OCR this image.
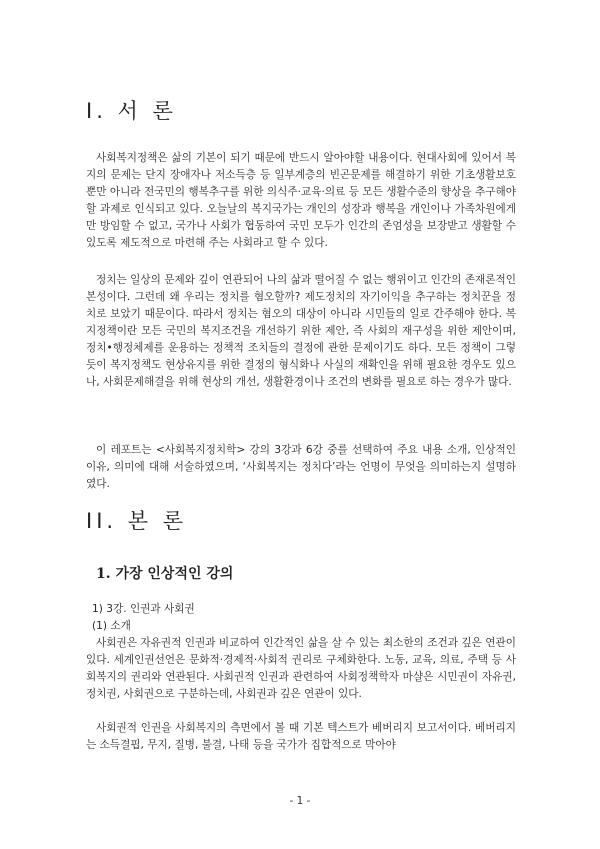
I. 서 론

사회복지정책은 삶의 기본이 되기 때문에 반드시 알아야할 내용이다. 현대사회에 있어서 복지의 문제는 단지 장애자나 저소득층 등 일부계층의 빈곤문제를 해결하기 위한 기초생활보호뿐만 아니라 전국민의 행복추구를 위한 의식주·교육·의료 등 모든 생활수준의 향상을 추구해야 할 과제로 인식되고 있다. 오늘날의 복지국가는 개인의 성장과 행복을 개인이나 가족차원에게만 방임할 수 없고, 국가나 사회가 협동하여 국민 모두가 인간의 존엄성을 보장받고 생활할 수 있도록 제도적으로 마련해 주는 사회라고 할 수 있다.

정치는 일상의 문제와 깊이 연관되어 나의 삶과 떨어질 수 없는 행위이고 인간의 존재론적인 본성이다. 그런데 왜 우리는 정치를 혐오할까? 제도정치의 자기이익을 추구하는 정치꾼을 정치로 보았기 때문이다. 따라서 정치는 혐오의 대상이 아니라 시민들의 일로 간주해야 한다. 복지정책이란 모든 국민의 복지조건을 개선하기 위한 제안, 즉 사회의 재구성을 위한 제안이며, 정치•행정체제를 운용하는 정책적 조치들의 결정에 관한 문제이기도 하다. 모든 정책이 그렇듯이 복지정책도 현상유지를 위한 결정의 형식화나 사실의 재확인을 위해 필요한 경우도 있으나, 사회문제해결을 위해 현상의 개선, 생활환경이나 조건의 변화를 필요로 하는 경우가 많다.

이 레포트는 <사회복지정치학> 강의 3강과 6강 중를 선택하여 주요 내용 소개, 인상적인 이유, 의미에 대해 서술하였으며, ‘사회복지는 정치다’라는 언명이 무엇을 의미하는지 설명하였다.

II. 본 론
1. 가장 인상적인 강의

1) 3강. 인권과 사회권

(1) 소개

사회권은 자유권적 인권과 비교하여 인간적인 삶을 살 수 있는 최소한의 조건과 깊은 연관이 있다. 세계인권선언은 문화적·경제적·사회적 권리로 구체화한다. 노동, 교육, 의료, 주택 등 사회복지의 권리와 연관된다. 사회권적 인권과 관련하여 사회정책학자 마샬은 시민권이 자유권, 정치권, 사회권으로 구분하는데, 사회권과 깊은 연관이 있다.

사회권적 인권을 사회복지의 측면에서 볼 때 기본 텍스트가 베버리지 보고서이다. 베버리지는 소득결핍, 무지, 질병, 불결, 나태 등을 국가가 집합적으로 막아야

- 1 -
